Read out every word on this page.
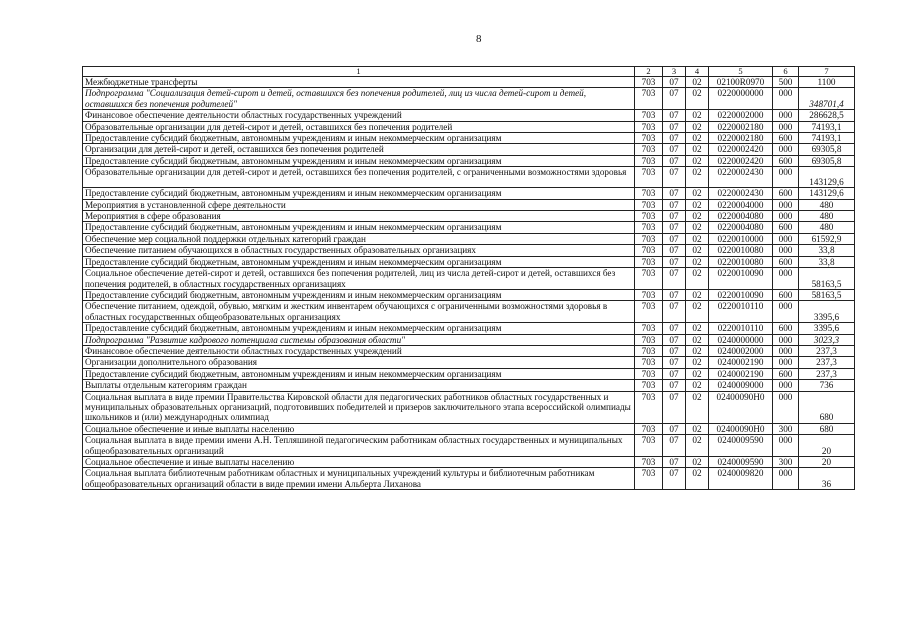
8
1	2	3	4	5	6	7
Межбюджетные трансферты	703	07	02	02100R0970	500	1100
Подпрограмма "Социализация детей-сирот и детей, оставшихся без попечения родителей, лиц из числа детей-сирот и детей, оставшихся без попечения родителей"	703	07	02	0220000000	000	348701,4
Финансовое обеспечение деятельности областных государственных учреждений	703	07	02	0220002000	000	286628,5
Образовательные организации для детей-сирот и детей, оставшихся без попечения родителей	703	07	02	0220002180	000	74193,1
Предоставление субсидий бюджетным, автономным учреждениям и иным некоммерческим организациям	703	07	02	0220002180	600	74193,1
Организации для детей-сирот и детей, оставшихся без попечения родителей	703	07	02	0220002420	000	69305,8
Предоставление субсидий бюджетным, автономным учреждениям и иным некоммерческим организациям	703	07	02	0220002420	600	69305,8
Образовательные организации для детей-сирот и детей, оставшихся без попечения родителей, с ограниченными возможностями здоровья	703	07	02	0220002430	000	143129,6
Предоставление субсидий бюджетным, автономным учреждениям и иным некоммерческим организациям	703	07	02	0220002430	600	143129,6
Мероприятия в установленной сфере деятельности	703	07	02	0220004000	000	480
Мероприятия в сфере образования	703	07	02	0220004080	000	480
Предоставление субсидий бюджетным, автономным учреждениям и иным некоммерческим организациям	703	07	02	0220004080	600	480
Обеспечение мер социальной поддержки отдельных категорий граждан	703	07	02	0220010000	000	61592,9
Обеспечение питанием обучающихся в областных государственных образовательных организациях	703	07	02	0220010080	000	33,8
Предоставление субсидий бюджетным, автономным учреждениям и иным некоммерческим организациям	703	07	02	0220010080	600	33,8
Социальное обеспечение детей-сирот и детей, оставшихся без попечения родителей, лиц из числа детей-сирот и детей, оставшихся без попечения родителей, в областных государственных организациях	703	07	02	0220010090	000	58163,5
Предоставление субсидий бюджетным, автономным учреждениям и иным некоммерческим организациям	703	07	02	0220010090	600	58163,5
Обеспечение питанием, одеждой, обувью, мягким и жестким инвентарем обучающихся с ограниченными возможностями здоровья в областных государственных общеобразовательных организациях	703	07	02	0220010110	000	3395,6
Предоставление субсидий бюджетным, автономным учреждениям и иным некоммерческим организациям	703	07	02	0220010110	600	3395,6
Подпрограмма "Развитие кадрового потенциала системы образования области"	703	07	02	0240000000	000	3023,3
Финансовое обеспечение деятельности областных государственных учреждений	703	07	02	0240002000	000	237,3
Организации дополнительного образования	703	07	02	0240002190	000	237,3
Предоставление субсидий бюджетным, автономным учреждениям и иным некоммерческим организациям	703	07	02	0240002190	600	237,3
Выплаты отдельным категориям граждан	703	07	02	0240009000	000	736
Социальная выплата в виде премии Правительства Кировской области для педагогических работников областных государственных и муниципальных образовательных организаций, подготовивших победителей и призеров заключительного этапа всероссийской олимпиады школьников и (или) международных олимпиад	703	07	02	02400090Н0	000	680
Социальное обеспечение и иные выплаты населению	703	07	02	02400090Н0	300	680
Социальная выплата в виде премии имени А.Н. Тепляшиной педагогическим работникам областных государственных и муниципальных общеобразовательных организаций	703	07	02	0240009590	000	20
Социальное обеспечение и иные выплаты населению	703	07	02	0240009590	300	20
Социальная выплата библиотечным работникам областных и муниципальных учреждений культуры и библиотечным работникам общеобразовательных организаций области в виде премии имени Альберта Лиханова	703	07	02	0240009820	000	36
